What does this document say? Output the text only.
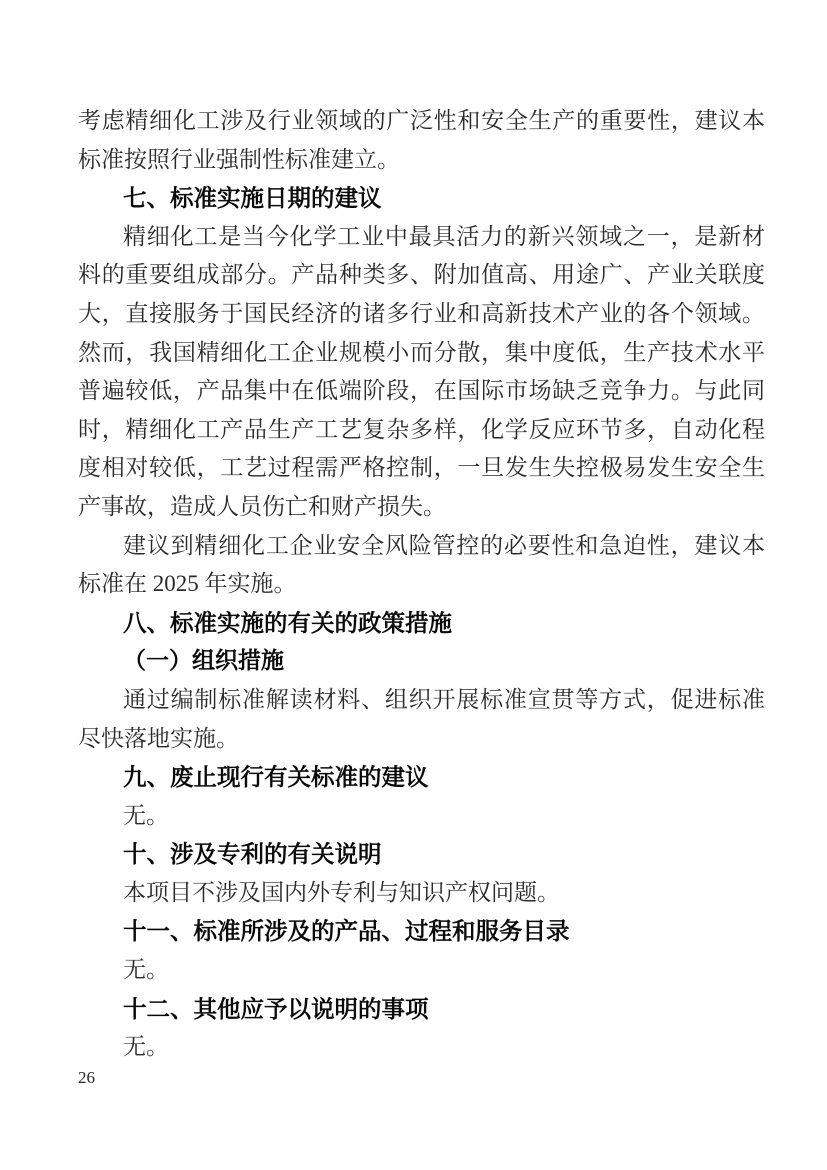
考虑精细化工涉及行业领域的广泛性和安全生产的重要性，建议本
标准按照行业强制性标准建立。
七、标准实施日期的建议
精细化工是当今化学工业中最具活力的新兴领域之一，是新材
料的重要组成部分。产品种类多、附加值高、用途广、产业关联度
大，直接服务于国民经济的诸多行业和高新技术产业的各个领域。
然而，我国精细化工企业规模小而分散，集中度低，生产技术水平
普遍较低，产品集中在低端阶段，在国际市场缺乏竞争力。与此同
时，精细化工产品生产工艺复杂多样，化学反应环节多，自动化程
度相对较低，工艺过程需严格控制，一旦发生失控极易发生安全生
产事故，造成人员伤亡和财产损失。
建议到精细化工企业安全风险管控的必要性和急迫性，建议本
标准在 2025 年实施。
八、标准实施的有关的政策措施
（一）组织措施
通过编制标准解读材料、组织开展标准宣贯等方式，促进标准
尽快落地实施。
九、废止现行有关标准的建议
无。
十、涉及专利的有关说明
本项目不涉及国内外专利与知识产权问题。
十一、标准所涉及的产品、过程和服务目录
无。
十二、其他应予以说明的事项
无。
26
